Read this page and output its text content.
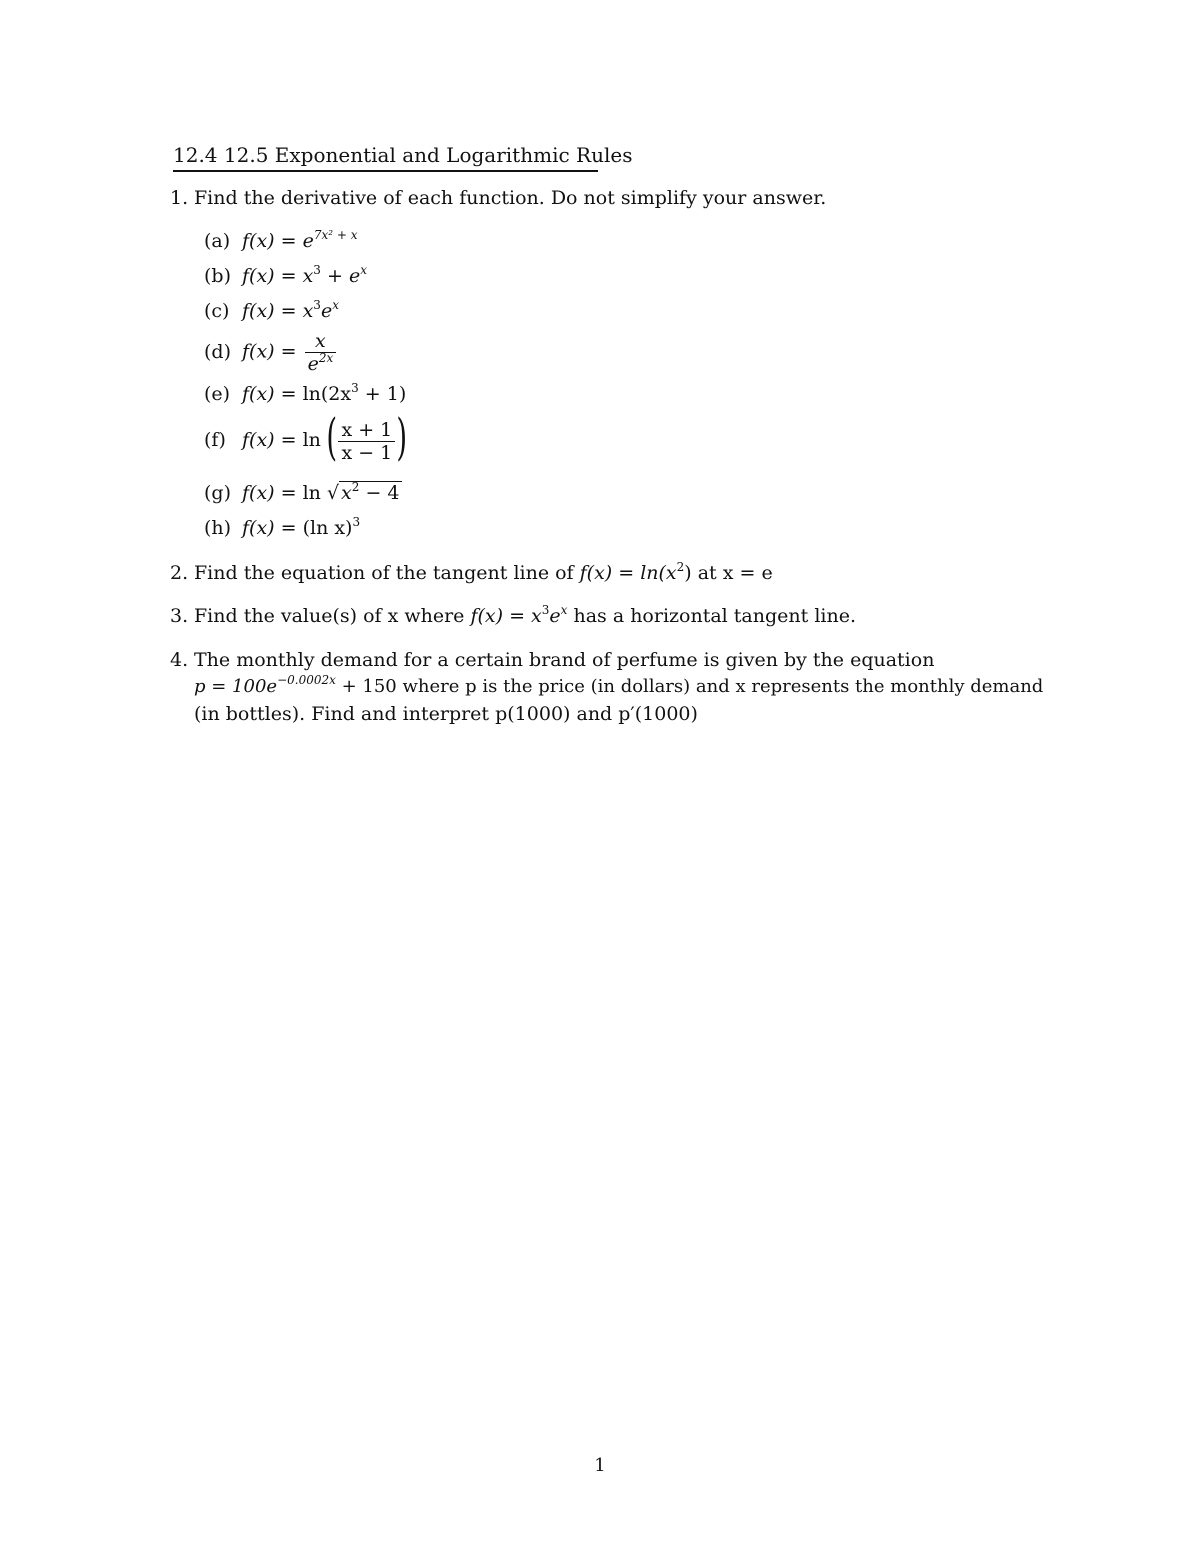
12.4 12.5 Exponential and Logarithmic Rules
1. Find the derivative of each function. Do not simplify your answer.
(a) $f(x) = e^{7x^2 + x}$
(b) $f(x) = x^3 + e^x$
(c) $f(x) = x^3e^x$
(d) $f(x) = \frac{x}{e^{2x}}$
(e) $f(x) = \ln(2x^3 + 1)$
(f) f(x) = ln ( $\frac{x + 1}{x - 1}$ )
(g) f(x) = ln √ $x^2 - 4$
(h) f(x) = (ln x)$^3$
2. Find the equation of the tangent line of $f(x) = \ln(x^2)$ at x = e
3. Find the value(s) of x where $f(x) = x^3e^x$ has a horizontal tangent line.
4. The monthly demand for a certain brand of perfume is given by the equation
$p = 100e^{-0.0002x} + 150$ where p is the price (in dollars) and x represents the monthly demand
(in bottles). Find and interpret p(1000) and p′(1000)
1
